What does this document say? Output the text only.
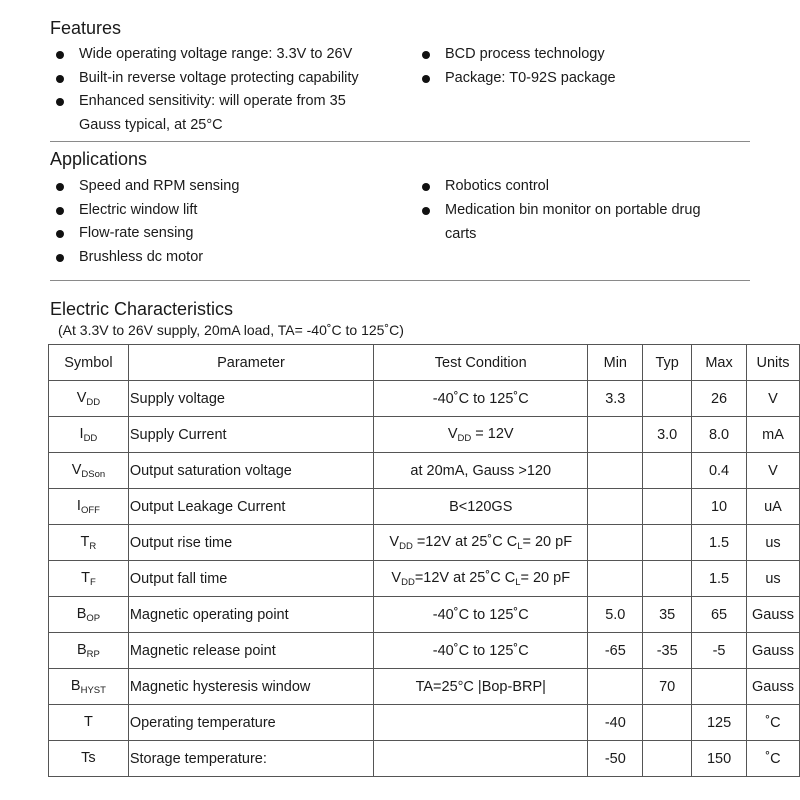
Features
Wide operating voltage range: 3.3V to 26V
Built-in reverse voltage protecting capability
Enhanced sensitivity: will operate from 35 Gauss typical, at 25°C
BCD process technology
Package: T0-92S package
Applications
Speed and RPM sensing
Electric window lift
Flow-rate sensing
Brushless dc motor
Robotics control
Medication bin monitor on portable drug carts
Electric Characteristics
(At 3.3V to 26V supply, 20mA load, TA= -40˚C to 125˚C)
Symbol	Parameter	Test Condition	Min	Typ	Max	Units
$V_{DD}$	Supply voltage	-40˚C to 125˚C	3.3		26	V
$I_{DD}$	Supply Current	$V_{DD} = 12V$		3.0	8.0	mA
$V_{DSon}$	Output saturation voltage	at 20mA, Gauss >120			0.4	V
$I_{OFF}$	Output Leakage Current	B<120GS			10	uA
$T_R$	Output rise time	$V_{DD} =12V$ at 25˚C $C_L= 20$ pF			1.5	us
$T_F$	Output fall time	$V_{DD}=12V$ at 25˚C $C_L= 20$ pF			1.5	us
$B_{OP}$	Magnetic operating point	-40˚C to 125˚C	5.0	35	65	Gauss
$B_{RP}$	Magnetic release point	-40˚C to 125˚C	-65	-35	-5	Gauss
$B_{HYST}$	Magnetic hysteresis window	TA=25°C |Bop-BRP|		70		Gauss
T	Operating temperature		-40		125	˚C
Ts	Storage temperature:		-50		150	˚C
